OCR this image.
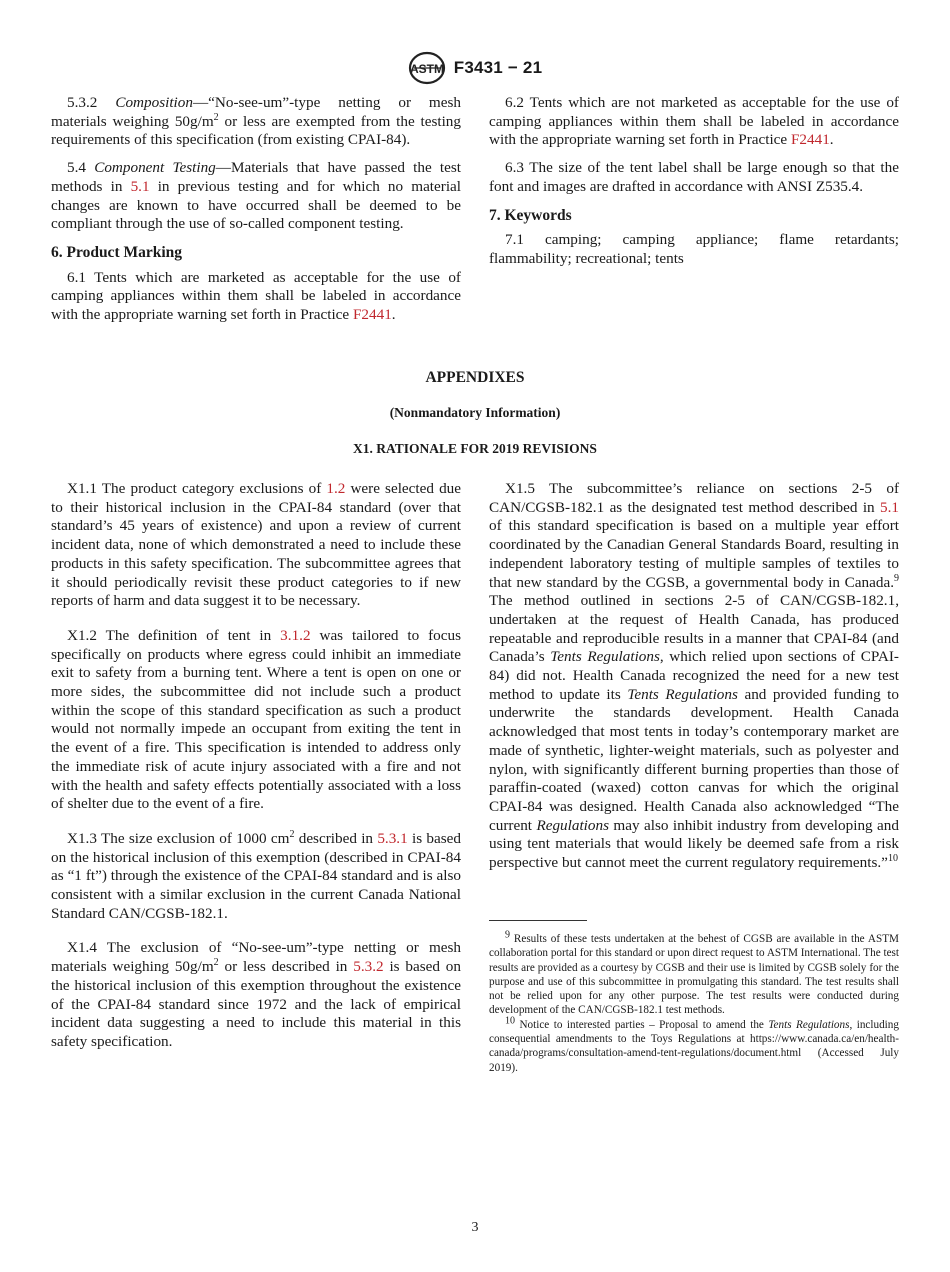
ASTM F3431 − 21

5.3.2 Composition—“No-see-um”-type netting or mesh materials weighing $50g/m^2$ or less are exempted from the testing requirements of this specification (from existing CPAI-84).

5.4 Component Testing—Materials that have passed the test methods in 5.1 in previous testing and for which no material changes are known to have occurred shall be deemed to be compliant through the use of so-called component testing.

6. Product Marking

6.1 Tents which are marketed as acceptable for the use of camping appliances within them shall be labeled in accordance with the appropriate warning set forth in Practice F2441.

6.2 Tents which are not marketed as acceptable for the use of camping appliances within them shall be labeled in accordance with the appropriate warning set forth in Practice F2441.

6.3 The size of the tent label shall be large enough so that the font and images are drafted in accordance with ANSI Z535.4.

7. Keywords

7.1 camping; camping appliance; flame retardants; flammability; recreational; tents

APPENDIXES
(Nonmandatory Information)
X1. RATIONALE FOR 2019 REVISIONS

X1.1 The product category exclusions of 1.2 were selected due to their historical inclusion in the CPAI-84 standard (over that standard’s 45 years of existence) and upon a review of current incident data, none of which demonstrated a need to include these products in this safety specification. The subcommittee agrees that it should periodically revisit these product categories to if new reports of harm and data suggest it to be necessary.

X1.2 The definition of tent in 3.1.2 was tailored to focus specifically on products where egress could inhibit an immediate exit to safety from a burning tent. Where a tent is open on one or more sides, the subcommittee did not include such a product within the scope of this standard specification as such a product would not normally impede an occupant from exiting the tent in the event of a fire. This specification is intended to address only the immediate risk of acute injury associated with a fire and not with the health and safety effects potentially associated with a loss of shelter due to the event of a fire.

X1.3 The size exclusion of 1000 $cm^2$ described in 5.3.1 is based on the historical inclusion of this exemption (described in CPAI-84 as “1 ft”) through the existence of the CPAI-84 standard and is also consistent with a similar exclusion in the current Canada National Standard CAN/CGSB-182.1.

X1.4 The exclusion of “No-see-um”-type netting or mesh materials weighing $50g/m^2$ or less described in 5.3.2 is based on the historical inclusion of this exemption throughout the existence of the CPAI-84 standard since 1972 and the lack of empirical incident data suggesting a need to include this material in this safety specification.

X1.5 The subcommittee’s reliance on sections 2-5 of CAN/CGSB-182.1 as the designated test method described in 5.1 of this standard specification is based on a multiple year effort coordinated by the Canadian General Standards Board, resulting in independent laboratory testing of multiple samples of textiles to that new standard by the CGSB, a governmental body in Canada.$^9$ The method outlined in sections 2-5 of CAN/CGSB-182.1, undertaken at the request of Health Canada, has produced repeatable and reproducible results in a manner that CPAI-84 (and Canada’s Tents Regulations, which relied upon sections of CPAI-84) did not. Health Canada recognized the need for a new test method to update its Tents Regulations and provided funding to underwrite the standards development. Health Canada acknowledged that most tents in today’s contemporary market are made of synthetic, lighter-weight materials, such as polyester and nylon, with significantly different burning properties than those of paraffin-coated (waxed) cotton canvas for which the original CPAI-84 was designed. Health Canada also acknowledged “The current Regulations may also inhibit industry from developing and using tent materials that would likely be deemed safe from a risk perspective but cannot meet the current regulatory requirements.”$^{10}$

$^9$ Results of these tests undertaken at the behest of CGSB are available in the ASTM collaboration portal for this standard or upon direct request to ASTM International. The test results are provided as a courtesy by CGSB and their use is limited by CGSB solely for the purpose and use of this subcommittee in promulgating this standard. The test results shall not be relied upon for any other purpose. The test results were conducted during development of the CAN/CGSB-182.1 test methods.

$^{10}$ Notice to interested parties – Proposal to amend the Tents Regulations, including consequential amendments to the Toys Regulations at https://www.canada.ca/en/health-canada/programs/consultation-amend-tent-regulations/document.html (Accessed July 2019).

3
